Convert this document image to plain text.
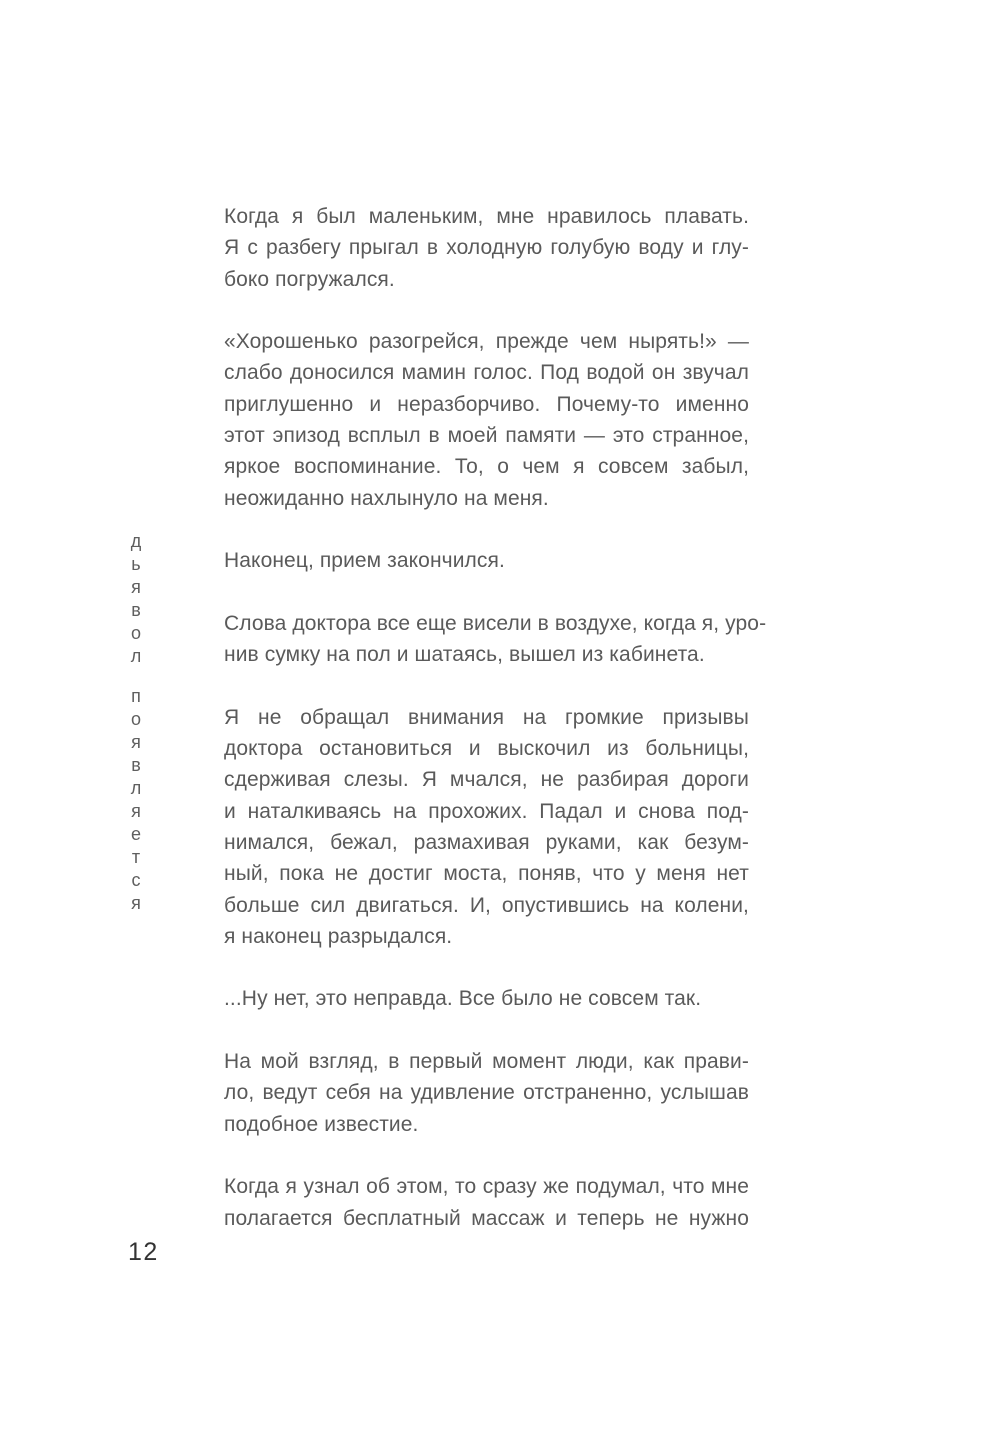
д
ь
я
в
о
л
п
о
я
в
л
я
е
т
с
я
Когда я был маленьким, мне нравилось плавать.
Я с разбегу прыгал в холодную голубую воду и глу-
боко погружался.
«Хорошенько разогрейся, прежде чем нырять!» —
слабо доносился мамин голос. Под водой он звучал
приглушенно и неразборчиво. Почему-то именно
этот эпизод всплыл в моей памяти — это странное,
яркое воспоминание. То, о чем я совсем забыл,
неожиданно нахлынуло на меня.
Наконец, прием закончился.
Слова доктора все еще висели в воздухе, когда я, уро-
нив сумку на пол и шатаясь, вышел из кабинета.
Я не обращал внимания на громкие призывы
доктора остановиться и выскочил из больницы,
сдерживая слезы. Я мчался, не разбирая дороги
и наталкиваясь на прохожих. Падал и снова под-
нимался, бежал, размахивая руками, как безум-
ный, пока не достиг моста, поняв, что у меня нет
больше сил двигаться. И, опустившись на колени,
я наконец разрыдался.
...Ну нет, это неправда. Все было не совсем так.
На мой взгляд, в первый момент люди, как прави-
ло, ведут себя на удивление отстраненно, услышав
подобное известие.
Когда я узнал об этом, то сразу же подумал, что мне
полагается бесплатный массаж и теперь не нужно
12
